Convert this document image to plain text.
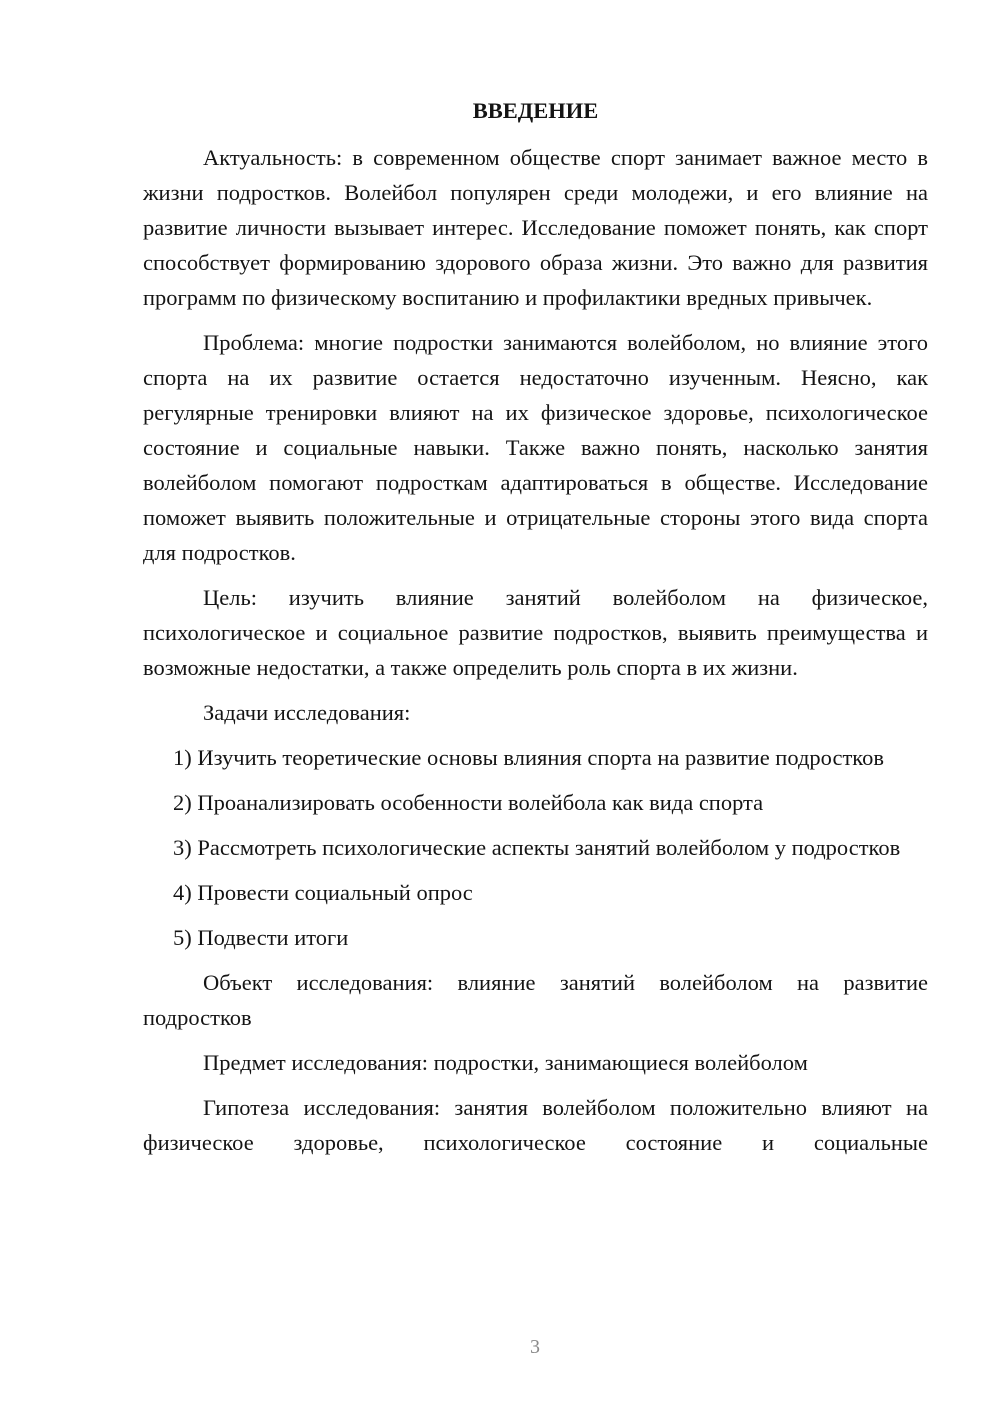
ВВЕДЕНИЕ

Актуальность: в современном обществе спорт занимает важное место в жизни подростков. Волейбол популярен среди молодежи, и его влияние на развитие личности вызывает интерес. Исследование поможет понять, как спорт способствует формированию здорового образа жизни. Это важно для развития программ по физическому воспитанию и профилактики вредных привычек.

Проблема: многие подростки занимаются волейболом, но влияние этого спорта на их развитие остается недостаточно изученным. Неясно, как регулярные тренировки влияют на их физическое здоровье, психологическое состояние и социальные навыки. Также важно понять, насколько занятия волейболом помогают подросткам адаптироваться в обществе. Исследование поможет выявить положительные и отрицательные стороны этого вида спорта для подростков.

Цель: изучить влияние занятий волейболом на физическое, психологическое и социальное развитие подростков, выявить преимущества и возможные недостатки, а также определить роль спорта в их жизни.

Задачи исследования:

1) Изучить теоретические основы влияния спорта на развитие подростков

2) Проанализировать особенности волейбола как вида спорта

3) Рассмотреть психологические аспекты занятий волейболом у подростков

4) Провести социальный опрос

5) Подвести итоги

Объект исследования: влияние занятий волейболом на развитие подростков

Предмет исследования: подростки, занимающиеся волейболом

Гипотеза исследования: занятия волейболом положительно влияют на физическое здоровье, психологическое состояние и социальные

3
